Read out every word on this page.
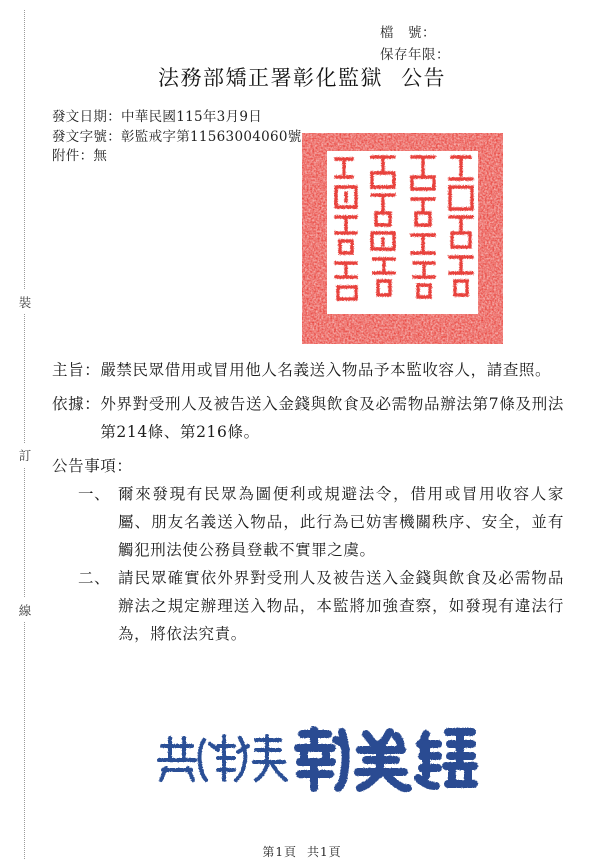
檔　號：
保存年限：
法務部矯正署彰化監獄 公告
發文日期：中華民國115年3月9日
發文字號：彰監戒字第11563004060號
附件：無
主旨： 嚴禁民眾借用或冒用他人名義送入物品予本監收容人，請查照。
依據： 外界對受刑人及被告送入金錢與飲食及必需物品辦法第7條及刑法第214條、第216條。
公告事項：
一、 爾來發現有民眾為圖便利或規避法令，借用或冒用收容人家屬、朋友名義送入物品，此行為已妨害機關秩序、安全，並有觸犯刑法使公務員登載不實罪之虞。
二、 請民眾確實依外界對受刑人及被告送入金錢與飲食及必需物品辦法之規定辦理送入物品，本監將加強查察，如發現有違法行為，將依法究責。
第1頁 共1頁
裝
訂
線
